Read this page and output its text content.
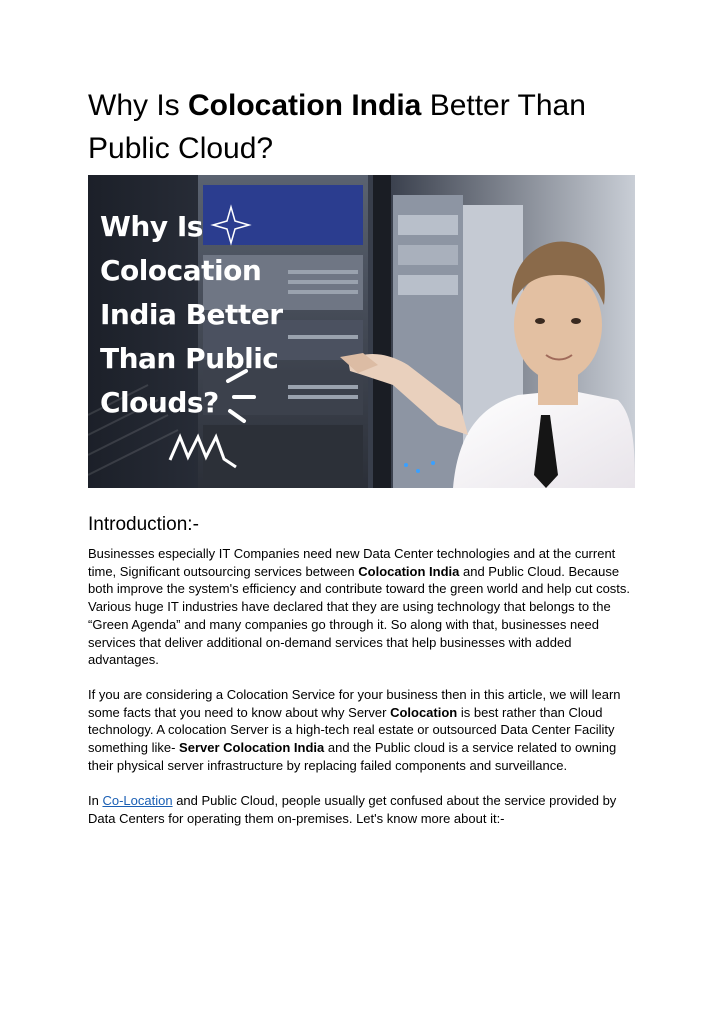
Why Is Colocation India Better Than Public Cloud?
Why Is
Colocation
India Better
Than Public
Clouds?
Introduction:-

Businesses especially IT Companies need new Data Center technologies and at the current time, Significant outsourcing services between Colocation India and Public Cloud. Because both improve the system's efficiency and contribute toward the green world and help cut costs. Various huge IT industries have declared that they are using technology that belongs to the “Green Agenda” and many companies go through it. So along with that, businesses need services that deliver additional on-demand services that help businesses with added advantages.

If you are considering a Colocation Service for your business then in this article, we will learn some facts that you need to know about why Server Colocation is best rather than Cloud technology. A colocation Server is a high-tech real estate or outsourced Data Center Facility something like- Server Colocation India and the Public cloud is a service related to owning their physical server infrastructure by replacing failed components and surveillance.

In Co-Location and Public Cloud, people usually get confused about the service provided by Data Centers for operating them on-premises. Let's know more about it:-
